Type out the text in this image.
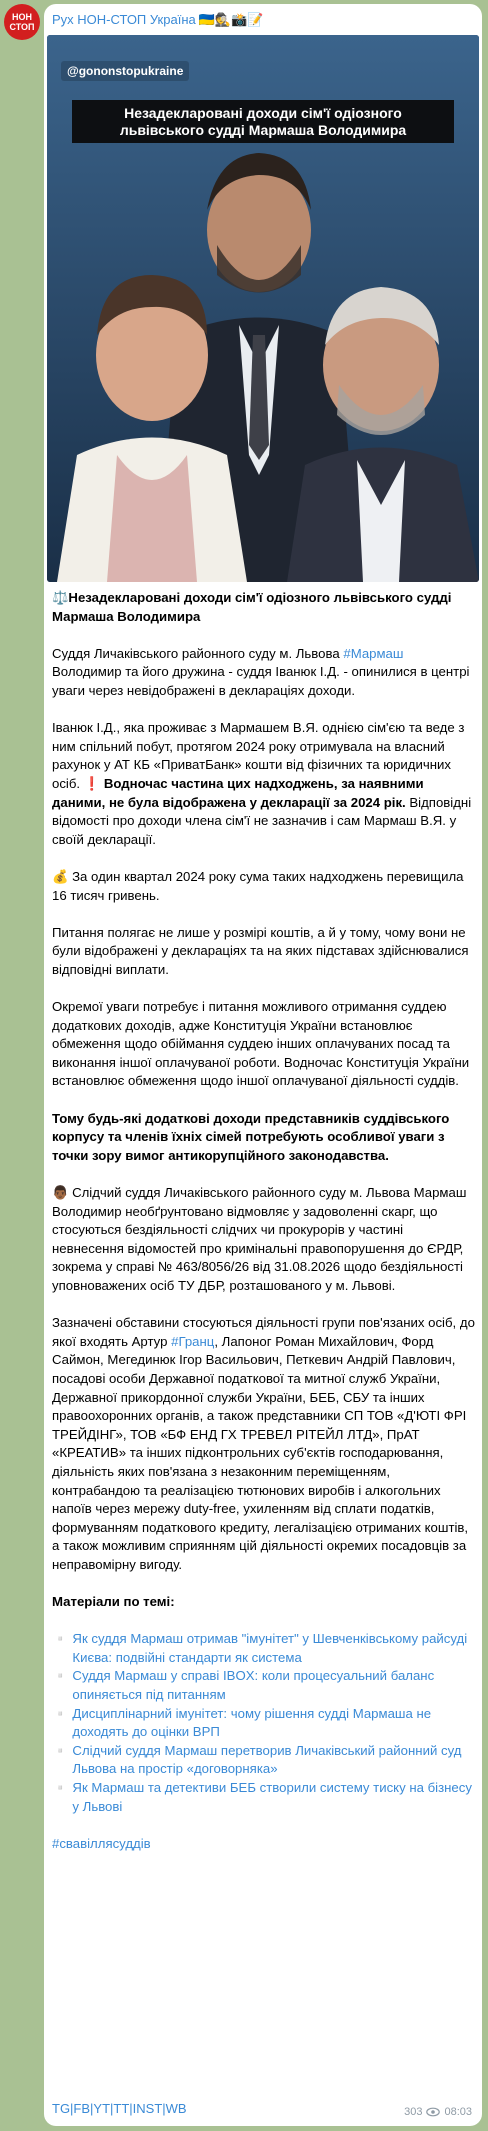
НОН
СТОП Рух НОН-СТОП Україна 🇺🇦🕵️📸📝
@gononstopukraine
Незадекларовані доходи сім'ї одіозного
львівського судді Мармаша Володимира

⚖️Незадекларовані доходи сім'ї одіозного львівського судді Мармаша Володимира

Суддя Личаківського районного суду м. Львова #Мармаш Володимир та його дружина - суддя Іванюк І.Д. - опинилися в центрі уваги через невідображені в деклараціях доходи.

Іванюк І.Д., яка проживає з Мармашем В.Я. однією сім'єю та веде з ним спільний побут, протягом 2024 року отримувала на власний рахунок у АТ КБ «ПриватБанк» кошти від фізичних та юридичних осіб. ❗ Водночас частина цих надходжень, за наявними даними, не була відображена у декларації за 2024 рік. Відповідні відомості про доходи члена сім'ї не зазначив і сам Мармаш В.Я. у своїй декларації.

💰 За один квартал 2024 року сума таких надходжень перевищила 16 тисяч гривень.

Питання полягає не лише у розмірі коштів, а й у тому, чому вони не були відображені у деклараціях та на яких підставах здійснювалися відповідні виплати.

Окремої уваги потребує і питання можливого отримання суддею додаткових доходів, адже Конституція України встановлює обмеження щодо обіймання суддею інших оплачуваних посад та виконання іншої оплачуваної роботи. Водночас Конституція України встановлює обмеження щодо іншої оплачуваної діяльності суддів.

Тому будь-які додаткові доходи представників суддівського корпусу та членів їхніх сімей потребують особливої уваги з точки зору вимог антикорупційного законодавства.

👨🏾 Слідчий суддя Личаківського районного суду м. Львова Мармаш Володимир необґрунтовано відмовляє у задоволенні скарг, що стосуються бездіяльності слідчих чи прокурорів у частині невнесення відомостей про кримінальні правопорушення до ЄРДР, зокрема у справі № 463/8056/26 від 31.08.2026 щодо бездіяльності уповноважених осіб ТУ ДБР, розташованого у м. Львові.

Зазначені обставини стосуються діяльності групи пов'язаних осіб, до якої входять Артур #Гранц, Лапоног Роман Михайлович, Форд Саймон, Мегединюк Ігор Васильович, Петкевич Андрій Павлович, посадові особи Державної податкової та митної служб України, Державної прикордонної служби України, БЕБ, СБУ та інших правоохоронних органів, а також представники СП ТОВ «Д'ЮТІ ФРІ ТРЕЙДІНГ», ТОВ «БФ ЕНД ГХ ТРЕВЕЛ РІТЕЙЛ ЛТД», ПрАТ «КРЕАТИВ» та інших підконтрольних суб'єктів господарювання, діяльність яких пов'язана з незаконним переміщенням, контрабандою та реалізацією тютюнових виробів і алкогольних напоїв через мережу duty-free, ухиленням від сплати податків, формуванням податкового кредиту, легалізацією отриманих коштів, а також можливим сприянням цій діяльності окремих посадовців за неправомірну вигоду.

Матеріали по темі:

▫️ Як суддя Мармаш отримав "імунітет" у Шевченківському райсуді Києва: подвійні стандарти як система
▫️ Суддя Мармаш у справі IBOX: коли процесуальний баланс опиняється під питанням
▫️ Дисциплінарний імунітет: чому рішення судді Мармаша не доходять до оцінки ВРП
▫️ Слідчий суддя Мармаш перетворив Личаківський районний суд Львова на простір «договорняка»
▫️ Як Мармаш та детективи БЕБ створили систему тиску на бізнесу у Львові

#свавіллясуддів

TG|FB|YT|TT|INST|WB	303 08:03
